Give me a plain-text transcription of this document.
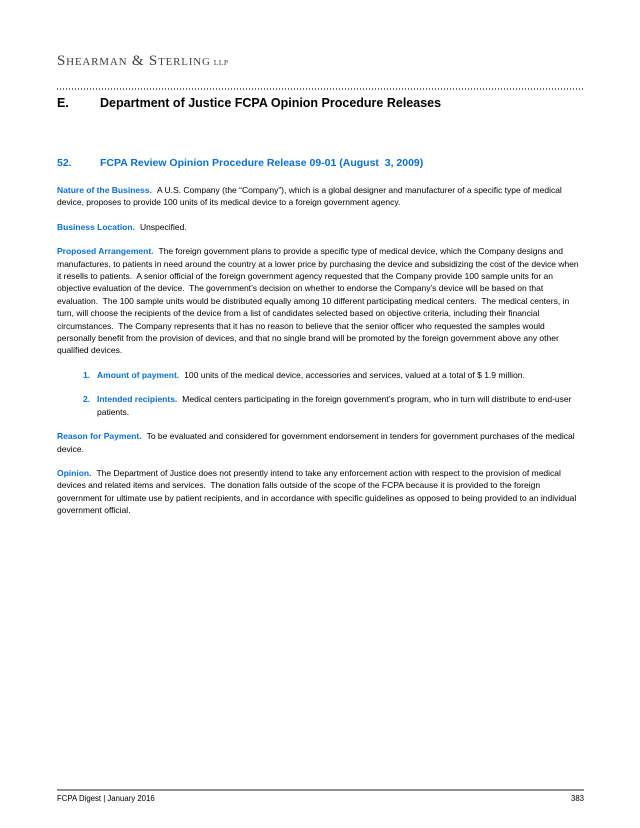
Shearman & Sterling LLP
E.	Department of Justice FCPA Opinion Procedure Releases
52.	FCPA Review Opinion Procedure Release 09-01 (August  3, 2009)

Nature of the Business. A U.S. Company (the “Company”), which is a global designer and manufacturer of a specific type of medical device, proposes to provide 100 units of its medical device to a foreign government agency.

Business Location. Unspecified.

Proposed Arrangement. The foreign government plans to provide a specific type of medical device, which the Company designs and manufactures, to patients in need around the country at a lower price by purchasing the device and subsidizing the cost of the device when it resells to patients.  A senior official of the foreign government agency requested that the Company provide 100 sample units for an objective evaluation of the device.  The government’s decision on whether to endorse the Company’s device will be based on that evaluation.  The 100 sample units would be distributed equally among 10 different participating medical centers.  The medical centers, in turn, will choose the recipients of the device from a list of candidates selected based on objective criteria, including their financial circumstances.  The Company represents that it has no reason to believe that the senior officer who requested the samples would personally benefit from the provision of devices, and that no single brand will be promoted by the foreign government above any other qualified devices.

1. Amount of payment. 100 units of the medical device, accessories and services, valued at a total of $ 1.9 million.
2. Intended recipients. Medical centers participating in the foreign government’s program, who in turn will distribute to end-user patients.

Reason for Payment. To be evaluated and considered for government endorsement in tenders for government purchases of the medical device.

Opinion. The Department of Justice does not presently intend to take any enforcement action with respect to the provision of medical devices and related items and services.  The donation falls outside of the scope of the FCPA because it is provided to the foreign government for ultimate use by patient recipients, and in accordance with specific guidelines as opposed to being provided to an individual government official.

FCPA Digest | January 2016	383
